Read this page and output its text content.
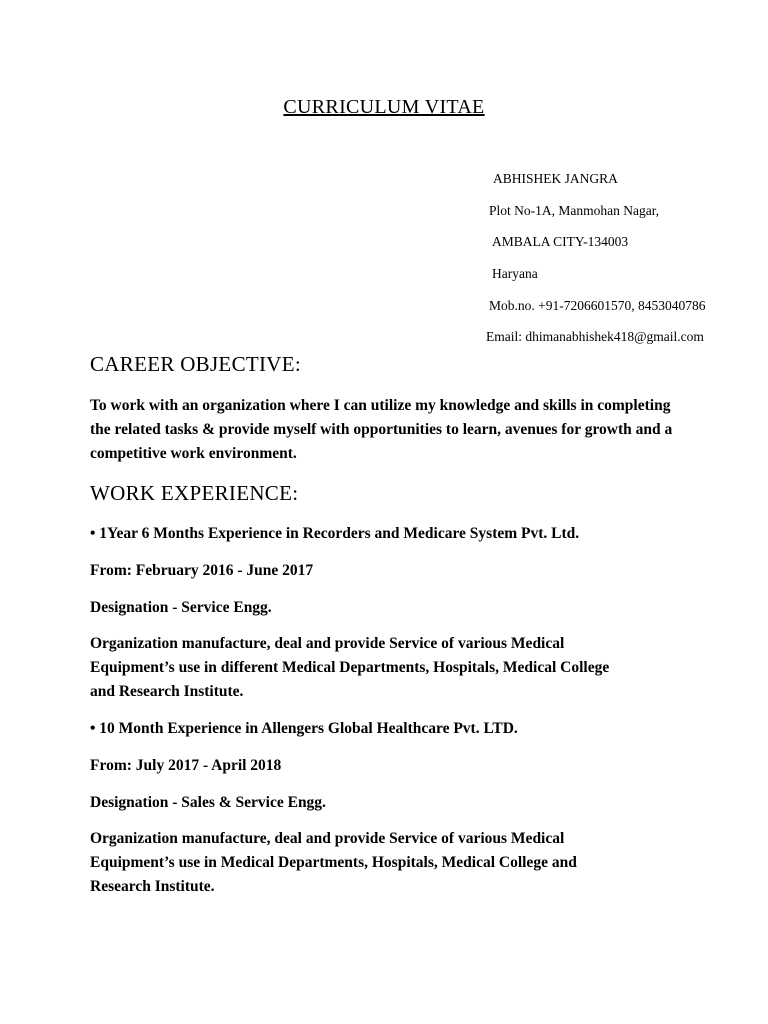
CURRICULUM VITAE
ABHISHEK JANGRA
Plot No-1A, Manmohan Nagar,
AMBALA CITY-134003
Haryana
Mob.no. +91-7206601570, 8453040786
Email: dhimanabhishek418@gmail.com
CAREER OBJECTIVE:
To work with an organization where I can utilize my knowledge and skills in completing
the related tasks & provide myself with opportunities to learn, avenues for growth and a
competitive work environment.
WORK EXPERIENCE:
• 1Year 6 Months Experience in Recorders and Medicare System Pvt. Ltd.
From: February 2016 - June 2017
Designation - Service Engg.
Organization manufacture, deal and provide Service of various Medical
Equipment’s use in different Medical Departments, Hospitals, Medical College
and Research Institute.
• 10 Month Experience in Allengers Global Healthcare Pvt. LTD.
From: July 2017 - April 2018
Designation - Sales & Service Engg.
Organization manufacture, deal and provide Service of various Medical
Equipment’s use in Medical Departments, Hospitals, Medical College and
Research Institute.
